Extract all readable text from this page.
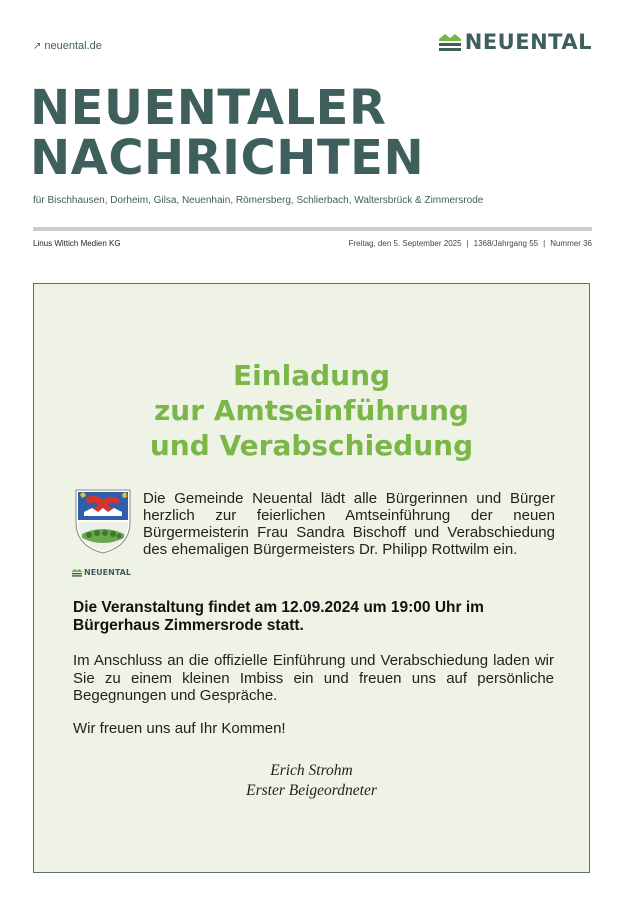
↗ neuental.de	NEUENTAL
NEUENTALER
NACHRICHTEN
für Bischhausen, Dorheim, Gilsa, Neuenhain, Römersberg, Schlierbach, Waltersbrück & Zimmersrode
Linus Wittich Medien KG	Freitag, den 5. September 2025 | 1368/Jahrgang 55 | Nummer 36
Einladung
zur Amtseinführung
und Verabschiedung
NEUENTAL
Die Gemeinde Neuental lädt alle Bürgerinnen und Bürger herzlich zur feierlichen Amtseinführung der neuen Bürgermeisterin Frau Sandra Bischoff und Verabschiedung des ehemaligen Bürgermeisters Dr. Philipp Rottwilm ein.
Die Veranstaltung findet am 12.09.2024 um 19:00 Uhr im Bürgerhaus Zimmersrode statt.
Im Anschluss an die offizielle Einführung und Verabschiedung laden wir Sie zu einem kleinen Imbiss ein und freuen uns auf persönliche Begegnungen und Gespräche.
Wir freuen uns auf Ihr Kommen!
Erich Strohm
Erster Beigeordneter
